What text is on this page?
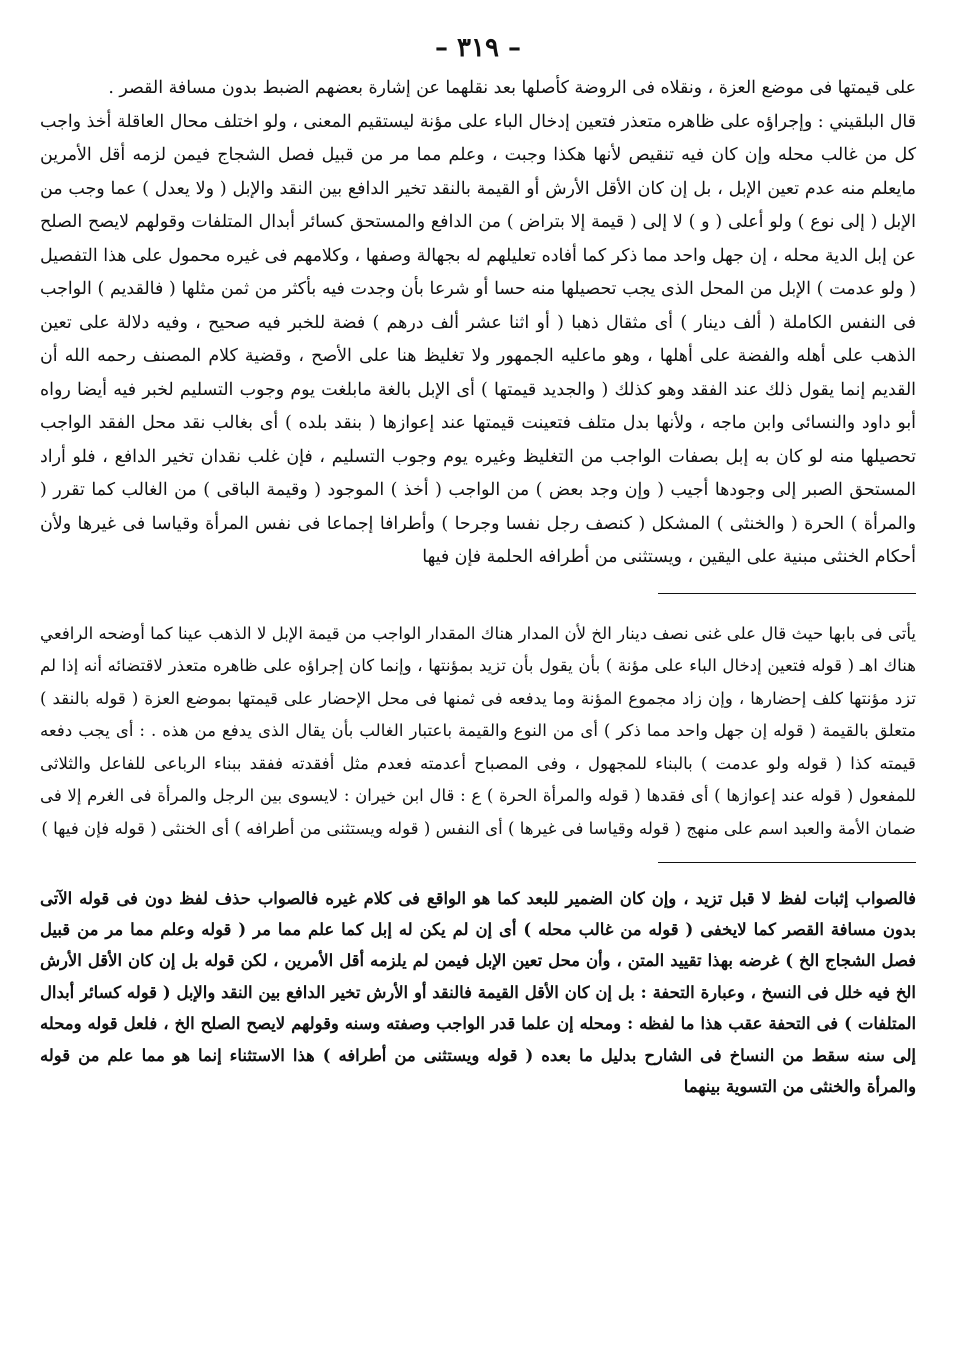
– ٣١٩ –

على قيمتها فى موضع العزة ، ونقلاه فى الروضة كأصلها بعد نقلهما عن إشارة بعضهم الضبط بدون مسافة القصر .

قال البلقيني : وإجراؤه على ظاهره متعذر فتعين إدخال الباء على مؤنة ليستقيم المعنى ، ولو اختلف محال العاقلة أخذ واجب كل من غالب محله وإن كان فيه تنقيص لأنها هكذا وجبت ، وعلم مما مر من قبيل فصل الشجاج فيمن لزمه أقل الأمرين مايعلم منه عدم تعين الإبل ، بل إن كان الأقل الأرش أو القيمة بالنقد تخير الدافع بين النقد والإبل ( ولا يعدل ) عما وجب من الإبل ( إلى نوع ) ولو أعلى ( و ) لا إلى ( قيمة إلا بتراض ) من الدافع والمستحق كسائر أبدال المتلفات وقولهم لايصح الصلح عن إبل الدية محله ، إن جهل واحد مما ذكر كما أفاده تعليلهم له بجهالة وصفها ، وكلامهم فى غيره محمول على هذا التفصيل ( ولو عدمت ) الإبل من المحل الذى يجب تحصيلها منه حسا أو شرعا بأن وجدت فيه بأكثر من ثمن مثلها ( فالقديم ) الواجب فى النفس الكاملة ( ألف دينار ) أى مثقال ذهبا ( أو اثنا عشر ألف درهم ) فضة للخبر فيه صحيح ، وفيه دلالة على تعين الذهب على أهله والفضة على أهلها ، وهو ماعليه الجمهور ولا تغليظ هنا على الأصح ، وقضية كلام المصنف رحمه الله أن القديم إنما يقول ذلك عند الفقد وهو كذلك ( والجديد قيمتها ) أى الإبل بالغة مابلغت يوم وجوب التسليم لخبر فيه أيضا رواه أبو داود والنسائى وابن ماجه ، ولأنها بدل متلف فتعينت قيمتها عند إعوازها ( بنقد بلده ) أى بغالب نقد محل الفقد الواجب تحصيلها منه لو كان به إبل بصفات الواجب من التغليظ وغيره يوم وجوب التسليم ، فإن غلب نقدان تخير الدافع ، فلو أراد المستحق الصبر إلى وجودها أجيب ( وإن وجد بعض ) من الواجب ( أخذ ) الموجود ( وقيمة الباقى ) من الغالب كما تقرر ( والمرأة ) الحرة ( والخنثى ) المشكل ( كنصف رجل نفسا وجرحا ) وأطرافا إجماعا فى نفس المرأة وقياسا فى غيرها ولأن أحكام الخنثى مبنية على اليقين ، ويستثنى من أطرافه الحلمة فإن فيها

يأتى فى بابها حيث قال على غنى نصف دينار الخ لأن المدار هناك المقدار الواجب من قيمة الإبل لا الذهب عينا كما أوضحه الرافعي هناك اهـ ( قوله فتعين إدخال الباء على مؤنة ) بأن يقول بأن تزيد بمؤنتها ، وإنما كان إجراؤه على ظاهره متعذر لاقتضائه أنه إذا لم تزد مؤنتها كلف إحضارها ، وإن زاد مجموع المؤنة وما يدفعه فى ثمنها فى محل الإحضار على قيمتها بموضع العزة ( قوله بالنقد ) متعلق بالقيمة ( قوله إن جهل واحد مما ذكر ) أى من النوع والقيمة باعتبار الغالب بأن يقال الذى يدفع من هذه . : أى يجب دفعه قيمته كذا ( قوله ولو عدمت ) بالبناء للمجهول ، وفى المصباح أعدمته فعدم مثل أفقدته ففقد ببناء الرباعى للفاعل والثلاثى للمفعول ( قوله عند إعوازها ) أى فقدها ( قوله والمرأة الحرة ) ع : قال ابن خيران : لايسوى بين الرجل والمرأة فى الغرم إلا فى ضمان الأمة والعبد اسم على منهج ( قوله وقياسا فى غيرها ) أى النفس ( قوله ويستثنى من أطرافه ) أى الخنثى ( قوله فإن فيها )

فالصواب إثبات لفظ لا قبل تزيد ، وإن كان الضمير للبعد كما هو الواقع فى كلام غيره فالصواب حذف لفظ دون فى قوله الآتى بدون مسافة القصر كما لايخفى ( قوله من غالب محله ) أى إن لم يكن له إبل كما علم مما مر ( قوله وعلم مما مر من قبيل فصل الشجاج الخ ) غرضه بهذا تقييد المتن ، وأن محل تعين الإبل فيمن لم يلزمه أقل الأمرين ، لكن قوله بل إن كان الأقل الأرش الخ فيه خلل فى النسخ ، وعبارة التحفة : بل إن كان الأقل القيمة فالنقد أو الأرش تخير الدافع بين النقد والإبل ( قوله كسائر أبدال المتلفات ) فى التحفة عقب هذا ما لفظه : ومحله إن علما قدر الواجب وصفته وسنه وقولهم لايصح الصلح الخ ، فلعل قوله ومحله إلى سنه سقط من النساخ فى الشارح بدليل ما بعده ( قوله ويستثنى من أطرافه ) هذا الاستثناء إنما هو مما علم من قوله والمرأة والخنثى من التسوية بينهما
